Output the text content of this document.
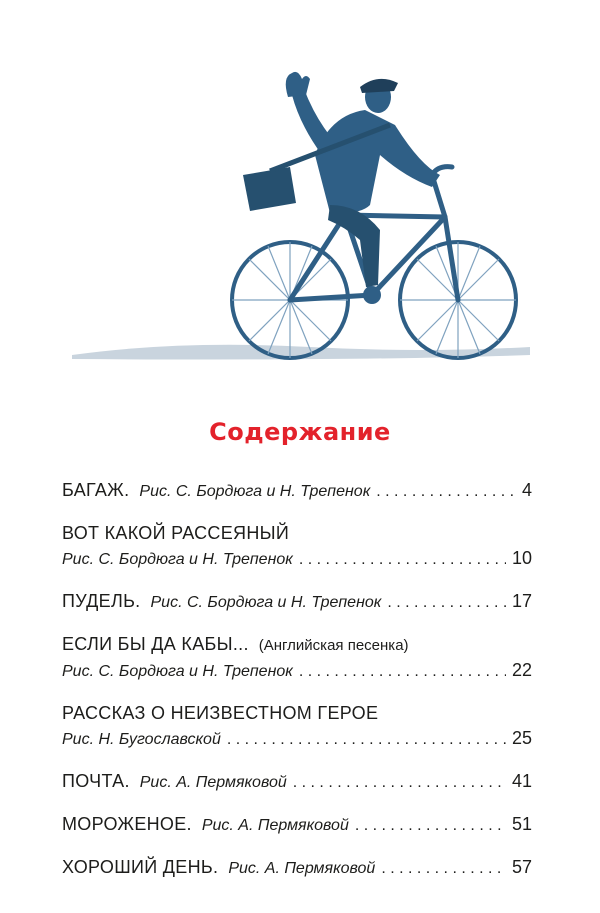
Содержание
БАГАЖ. Рис. С. Бордюга и Н. Трепенок . . .	4
ВОТ КАКОЙ РАССЕЯНЫЙ
Рис. С. Бордюга и Н. Трепенок . . .	10
ПУДЕЛЬ. Рис. С. Бордюга и Н. Трепенок . . .	17
ЕСЛИ БЫ ДА КАБЫ... (Английская песенка)
Рис. С. Бордюга и Н. Трепенок . . .	22
РАССКАЗ О НЕИЗВЕСТНОМ ГЕРОЕ
Рис. Н. Бугославской . . .	25
ПОЧТА. Рис. А. Пермяковой . . .	41
МОРОЖЕНОЕ. Рис. А. Пермяковой . . .	51
ХОРОШИЙ ДЕНЬ. Рис. А. Пермяковой . . .	57
